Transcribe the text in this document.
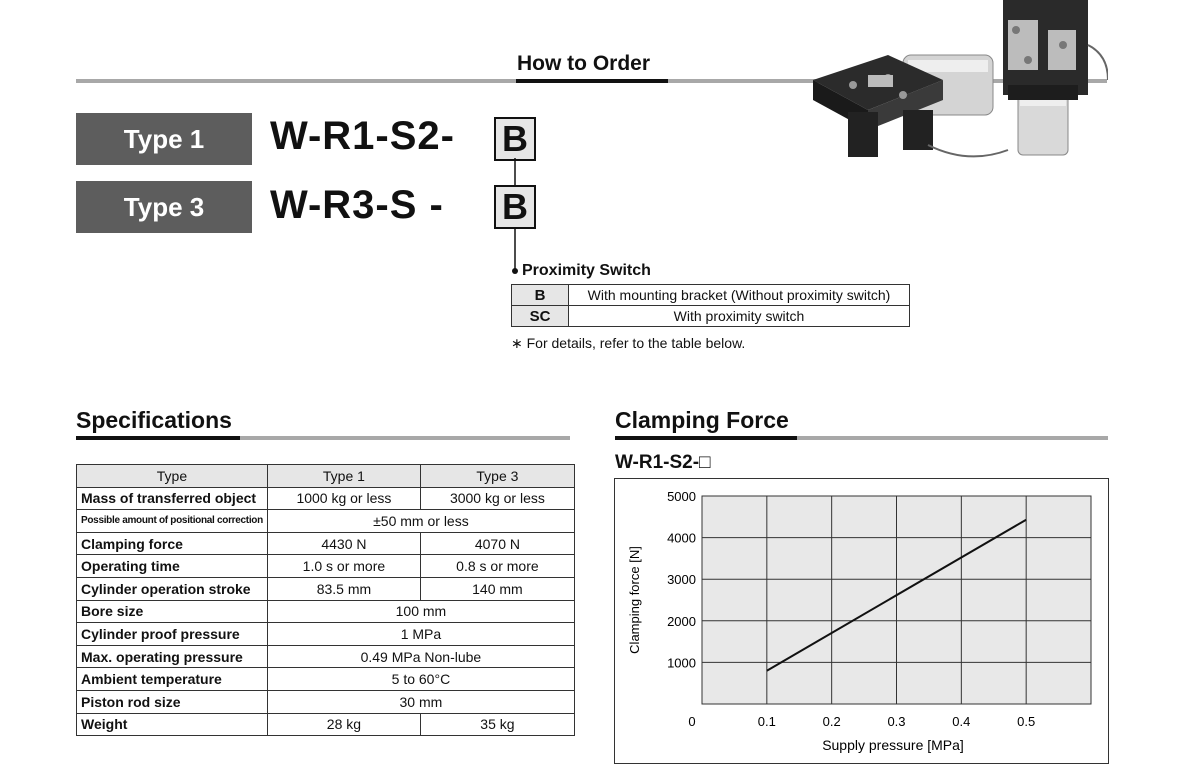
How to Order
Type 1 W-R1-S2- B
Type 3 W-R3-S - B
Proximity Switch
B	With mounting bracket (Without proximity switch)
SC	With proximity switch
∗ For details, refer to the table below.
Specifications
Type	Type 1	Type 3
Mass of transferred object	1000 kg or less	3000 kg or less
Possible amount of positional correction	±50 mm or less	
Clamping force	4430 N	4070 N
Operating time	1.0 s or more	0.8 s or more
Cylinder operation stroke	83.5 mm	140 mm
Bore size	100 mm	
Cylinder proof pressure	1 MPa	
Max. operating pressure	0.49 MPa Non-lube	
Ambient temperature	5 to 60°C	
Piston rod size	30 mm	
Weight	28 kg	35 kg
Clamping Force
W-R1-S2-□
0	0.1	0.2	0.3	0.4	0.5
1000
2000
3000
4000
5000
Clamping force [N]
Supply pressure [MPa]
